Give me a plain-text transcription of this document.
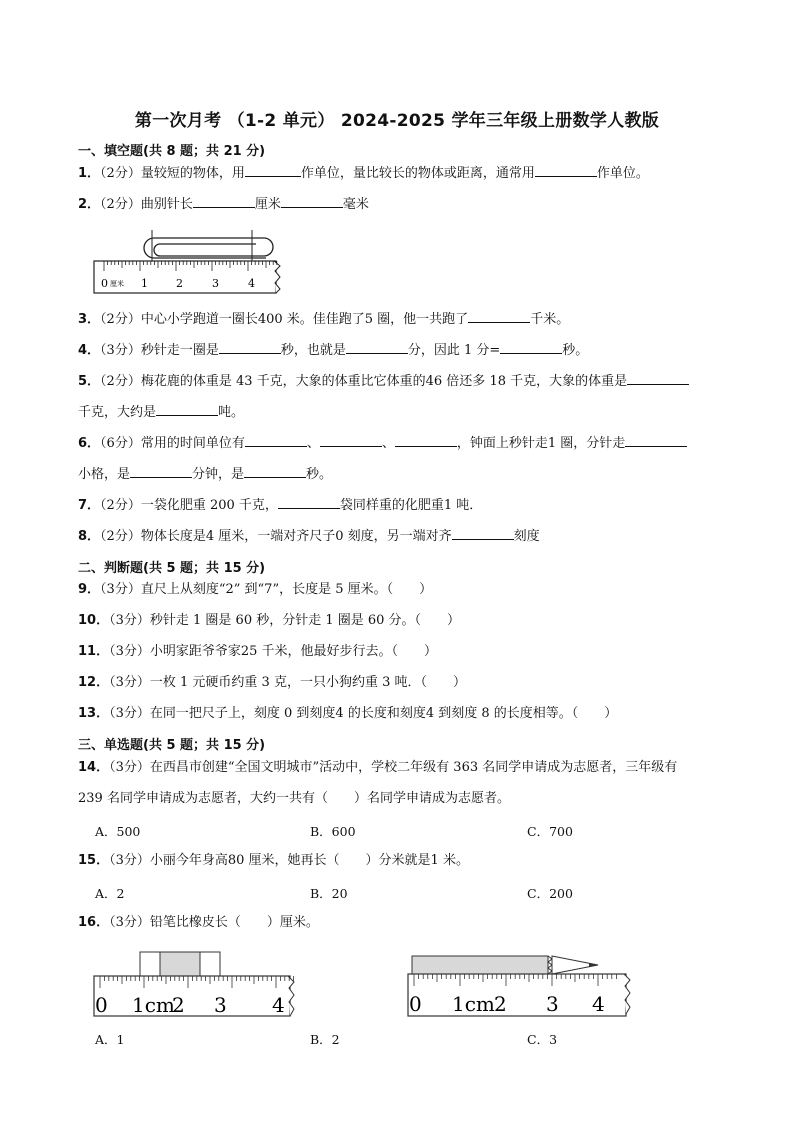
第一次月考 （1-2 单元） 2024-2025 学年三年级上册数学人教版
一、填空题(共 8 题；共 21 分)
1．（2分）量较短的物体，用	作单位，量比较长的物体或距离，通常用	作单位。
2．（2分）曲别针长	厘米	毫米
0 厘米 1	2	3	4
3．（2分）中心小学跑道一圈长400 米。佳佳跑了5 圈，他一共跑了	千米。
4．（3分）秒针走一圈是	秒，也就是	分，因此 1 分=	秒。
5．（2分）梅花鹿的体重是 43 千克，大象的体重比它体重的46 倍还多 18 千克，大象的体重是
千克，大约是	吨。
6．（6分）常用的时间单位有	、	、	，钟面上秒针走1 圈，分针走
小格，是	分钟，是	秒。
7．（2分）一袋化肥重 200 千克，	袋同样重的化肥重1 吨．
8．（2分）物体长度是4 厘米，一端对齐尺子0 刻度，另一端对齐	刻度
二、判断题(共 5 题；共 15 分)
9．（3分）直尺上从刻度“2” 到“7”，长度是 5 厘米。（　　）
10．（3分）秒针走 1 圈是 60 秒，分针走 1 圈是 60 分。（　　）
11．（3分）小明家距爷爷家25 千米，他最好步行去。（　　）
12．（3分）一枚 1 元硬币约重 3 克，一只小狗约重 3 吨．（　　）
13．（3分）在同一把尺子上，刻度 0 到刻度4 的长度和刻度4 到刻度 8 的长度相等。（　　）
三、单选题(共 5 题；共 15 分)
14．（3分）在西昌市创建“全国文明城市”活动中，学校二年级有 363 名同学申请成为志愿者，三年级有
239 名同学申请成为志愿者，大约一共有（　　）名同学申请成为志愿者。
A．500	B．600	C．700
15．（3分）小丽今年身高80 厘米，她再长（　　）分米就是1 米。
A．2	B．20	C．200
16．（3分）铅笔比橡皮长（　　）厘米。
0 1cm
2 3 4	0 1cm 2 3 4
A．1	B．2	C．3
